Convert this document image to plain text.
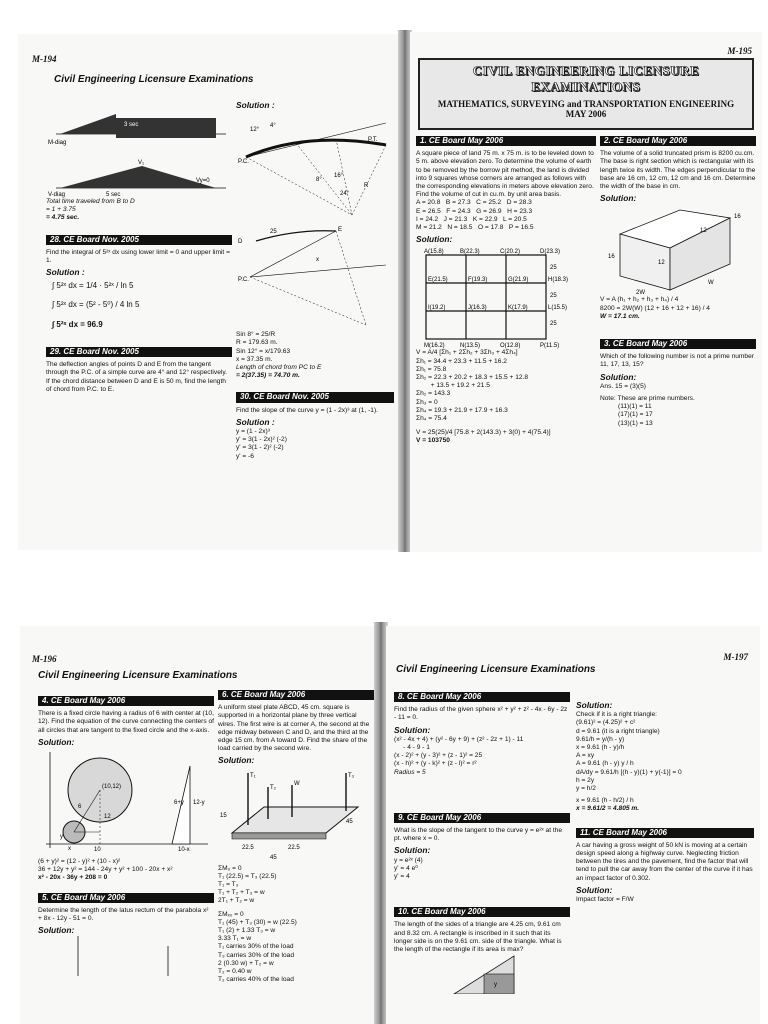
M-194
Civil Engineering Licensure Examinations
M-diag
3 sec
V-diag	5 sec
Vy=0
V₁
Total time traveled from B to D
= 1 + 3.75
= 4.75 sec.
28. CE Board Nov. 2005
Find the integral of 5²ˣ dx using lower limit = 0 and upper limit = 1.
Solution :
∫ 5²ˣ dx = 1/4 · 5²ˣ / ln 5
∫ 5²ˣ dx = (5² - 5⁰) / 4 ln 5
∫ 5²ˣ dx = 96.9
29. CE Board Nov. 2005
The deflection angles of points D and E from the tangent through the P.C. of a simple curve are 4° and 12° respectively. If the chord distance between D and E is 50 m, find the length of chord from P.C. to E.
Solution :
12°
4°
8°
16°
24°
P.C.
P.T.
R
D
E
25
x
P.C.
Sin 8° = 25/R
R = 179.63 m.
Sin 12° = x/179.63
x = 37.35 m.
Length of chord from PC to E
= 2(37.35) = 74.70 m.
30. CE Board Nov. 2005
Find the slope of the curve y = (1 - 2x)³ at (1, -1).
Solution :
y = (1 - 2x)³
y' = 3(1 - 2x)² (-2)
y' = 3(1 - 2)² (-2)
y' = -6
M-195
CIVIL ENGINEERING LICENSURE EXAMINATIONS
MATHEMATICS, SURVEYING and TRANSPORTATION ENGINEERING
MAY 2006
1. CE Board May 2006
A square piece of land 75 m. x 75 m. is to be leveled down to 5 m. above elevation zero. To determine the volume of earth to be removed by the borrow pit method, the land is divided into 9 squares whose corners are arranged as follows with the corresponding elevations in meters above elevation zero. Find the volume of cut in cu.m. by unit area basis.
A = 20.8   B = 27.3   C = 25.2   D = 28.3
E = 26.5   F = 24.3   G = 26.9   H = 23.3
I = 24.2   J = 21.3   K = 22.9   L = 20.5
M = 21.2   N = 18.5   O = 17.8   P = 16.5
Solution:
A(15.8)	B(22.3)	C(20.2)	D(23.3)
E(21.5)	F(19.3)	G(21.9)	H(18.3)
I(19.2)	J(16.3)	K(17.9)	L(15.5)
M(16.2)	N(13.5)	O(12.8)	P(11.5)
25
25
25
V = A/4 [Σh₁ + 2Σh₂ + 3Σh₃ + 4Σh₄]
Σh₁ = 34.4 + 23.3 + 11.5 + 16.2
Σh₁ = 75.8
Σh₂ = 22.3 + 20.2 + 18.3 + 15.5 + 12.8
+ 13.5 + 19.2 + 21.5
Σh₂ = 143.3
Σh₃ = 0
Σh₄ = 19.3 + 21.9 + 17.9 + 16.3
Σh₄ = 75.4
V = 25(25)/4 [75.8 + 2(143.3) + 3(0) + 4(75.4)]
V = 103750
2. CE Board May 2006
The volume of a solid truncated prism is 8200 cu.cm. The base is right section which is rectangular with its length twice its width. The edges perpendicular to the base are 16 cm, 12 cm, 12 cm and 16 cm. Determine the width of the base in cm.
Solution:
16
12
12
16
W
2W
V = A (h₁ + h₂ + h₃ + h₄) / 4
8200 = 2W(W) (12 + 16 + 12 + 16) / 4
W = 17.1 cm.
3. CE Board May 2006
Which of the following number is not a prime number 11, 17, 13, 15?
Solution:
Ans. 15 = (3)(5)
Note: These are prime numbers.
(11)(1) = 11
(17)(1) = 17
(13)(1) = 13
M-196
Civil Engineering Licensure Examinations
4. CE Board May 2006
There is a fixed circle having a radius of 6 with center at (10, 12). Find the equation of the curve connecting the centers of all circles that are tangent to the fixed circle and the x-axis.
Solution:
(10,12)
6
12
x
y
10
6+y
10-x
12-y
(6 + y)² = (12 - y)² + (10 - x)²
36 + 12y + y² = 144 - 24y + y² + 100 - 20x + x²
x² - 20x - 36y + 208 = 0
5. CE Board May 2006
Determine the length of the latus rectum of the parabola x² + 8x - 12y - 51 = 0.
Solution:
6. CE Board May 2006
A uniform steel plate ABCD, 45 cm. square is supported in a horizontal plane by three vertical wires. The first wire is at corner A, the second at the edge midway between C and D, and the third at the edge 15 cm. from A toward D. Find the share of the load carried by the second wire.
Solution:
T₁
T₂
T₃
W
15
22.5	22.5
45
45
ΣM₀ = 0
T₁ (22.5) = T₃ (22.5)
T₁ = T₃
T₁ + T₂ + T₃ = w
2T₁ + T₂ = w
ΣMₓ₀ = 0
T₁ (45) + T₃ (30) = w (22.5)
T₁ (2) + 1.33 T₃ = w
3.33 T₁ = w
T₁ carries 30% of the load
T₃ carries 30% of the load
2 (0.30 w) + T₂ = w
T₂ = 0.40 w
T₂ carries 40% of the load
M-197
Civil Engineering Licensure Examinations
8. CE Board May 2006
Find the radius of the given sphere x² + y² + z² - 4x - 6y - 2z - 11 = 0.
Solution:
(x² - 4x + 4) + (y² - 6y + 9) + (z² - 2z + 1) - 11
- 4 - 9 - 1
(x - 2)² + (y - 3)² + (z - 1)² = 25
(x - h)² + (y - k)² + (z - l)² = r²
Radius = 5
9. CE Board May 2006
What is the slope of the tangent to the curve y = e²ˣ at the pt. where x = 0.
Solution:
y = e²ˣ (4)
y' = 4 e⁰
y' = 4
10. CE Board May 2006
The length of the sides of a triangle are 4.25 cm, 9.61 cm and 8.32 cm. A rectangle is inscribed in it such that its longer side is on the 9.61 cm. side of the triangle. What is the length of the rectangle if its area is max?
y
Solution:
Check if it is a right triangle:
(9.61)² = (4.25)² + c²
d = 9.61 (it is a right triangle)
9.61/h = y/(h - y)
x = 9.61 (h - y)/h
A = xy
A = 9.61 (h - y) y / h
dA/dy = 9.61/h [(h - y)(1) + y(-1)] = 0
h = 2y
y = h/2
x = 9.61 (h - h/2) / h
x = 9.61/2 = 4.805 m.
11. CE Board May 2006
A car having a gross weight of 50 kN is moving at a certain design speed along a highway curve. Neglecting friction between the tires and the pavement, find the factor that will tend to pull the car away from the center of the curve if it has an impact factor of 0.302.
Solution:
Impact factor = F/W
